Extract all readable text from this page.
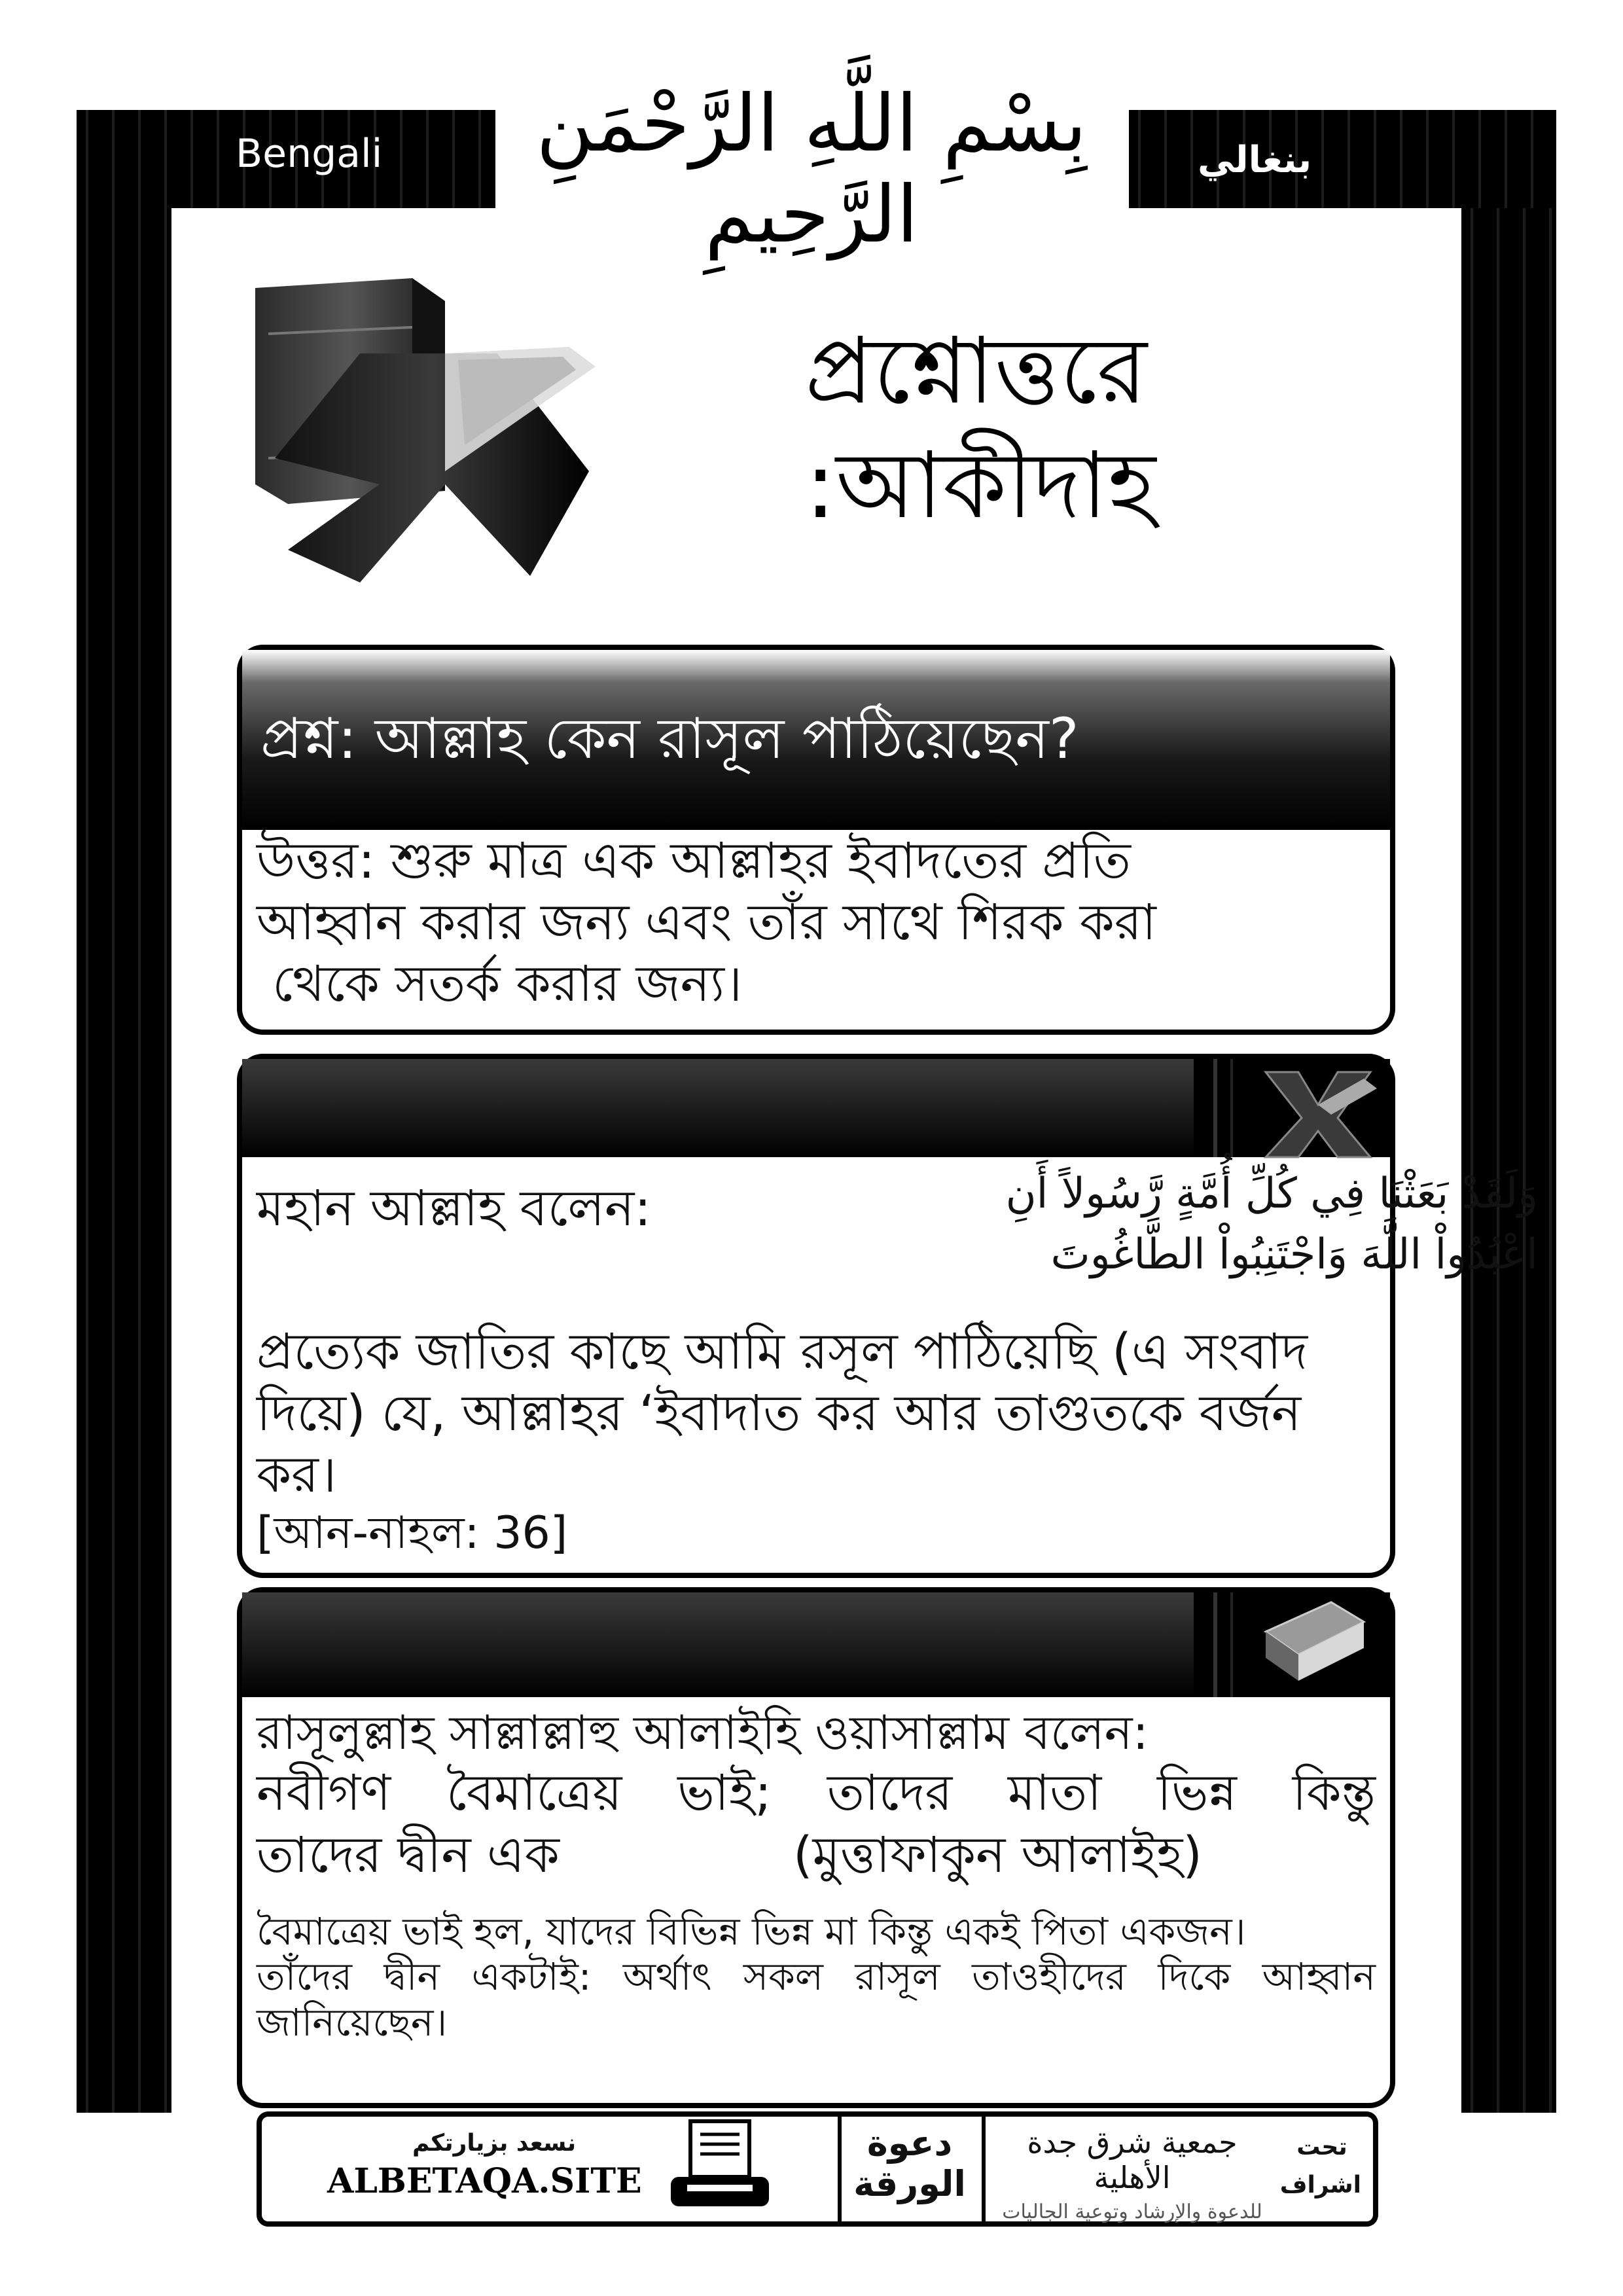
Bengali	بنغالي
بِسْمِ اللَّهِ الرَّحْمَنِ الرَّحِيمِ
প্রশ্নোত্তরে
:আকীদাহ
প্রশ্ন: আল্লাহ কেন রাসূল পাঠিয়েছেন?
উত্তর: শুরু মাত্র এক আল্লাহর ইবাদতের প্রতি
আহ্বান করার জন্য এবং তাঁর সাথে শিরক করা
থেকে সতর্ক করার জন্য।
মহান আল্লাহ বলেন:	وَلَقَدْ بَعَثْنَا فِي كُلِّ أُمَّةٍ رَّسُولاً أَنِ
اعْبُدُواْ اللَّهَ وَاجْتَنِبُواْ الطَّاغُوتَ
প্রত্যেক জাতির কাছে আমি রসূল পাঠিয়েছি (এ সংবাদ
দিয়ে) যে, আল্লাহর ‘ইবাদাত কর আর তাগুতকে বর্জন
কর।
[আন-নাহল: 36]
রাসূলুল্লাহ সাল্লাল্লাহু আলাইহি ওয়াসাল্লাম বলেন:
নবীগণ বৈমাত্রেয় ভাই; তাদের মাতা ভিন্ন কিন্তু
তাদের দ্বীন এক	(মুত্তাফাকুন আলাইহ)
বৈমাত্রেয় ভাই হল, যাদের বিভিন্ন ভিন্ন মা কিন্তু একই পিতা একজন।
তাঁদের দ্বীন একটাই: অর্থাৎ সকল রাসূল তাওহীদের দিকে আহ্বান
জানিয়েছেন।
نسعد بزيارتكم
ALBETAQA.SITE
دعوة الورقة
جمعية شرق جدة الأهلية
للدعوة والإرشاد وتوعية الجاليات
تحت
اشراف
